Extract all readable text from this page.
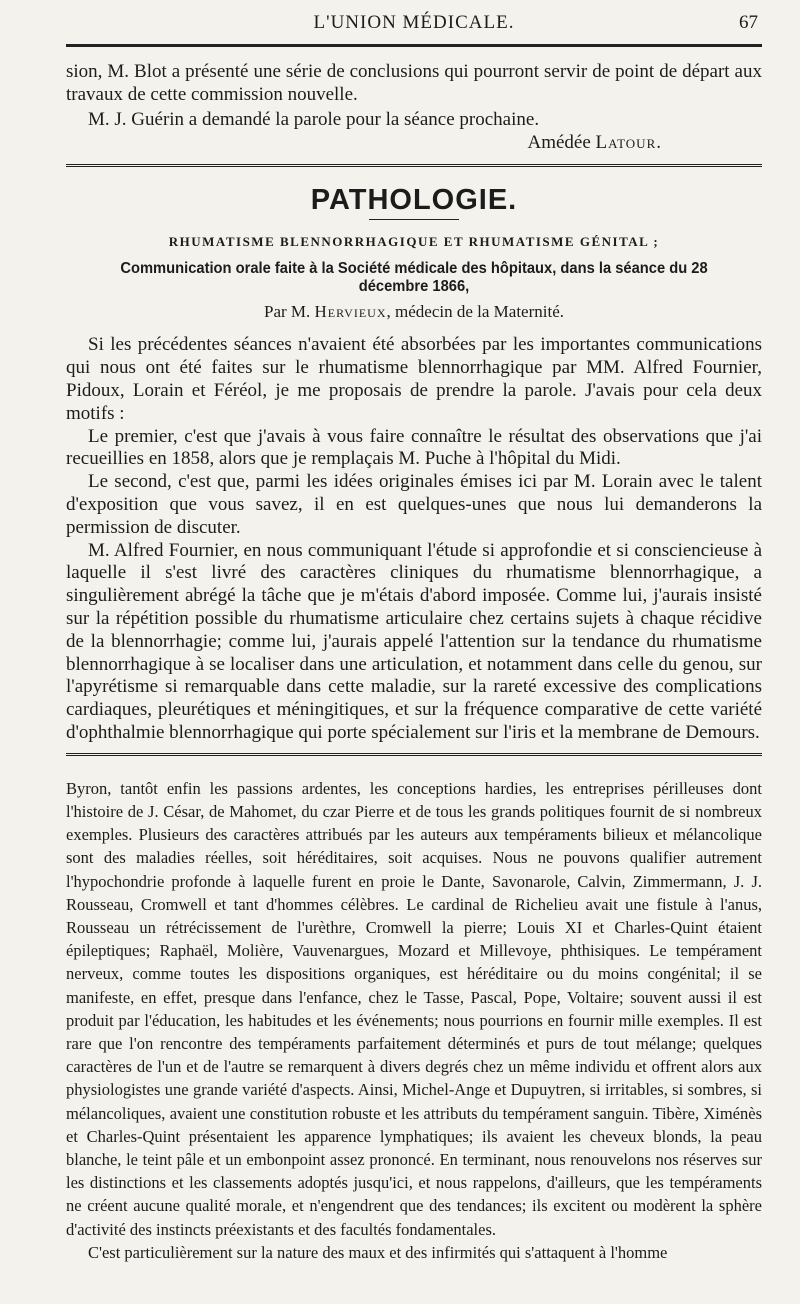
L'UNION MÉDICALE.	67

sion, M. Blot a présenté une série de conclusions qui pourront servir de point de départ aux travaux de cette commission nouvelle.

M. J. Guérin a demandé la parole pour la séance prochaine.

Amédée Latour.
PATHOLOGIE.
RHUMATISME BLENNORRHAGIQUE ET RHUMATISME GÉNITAL ;
Communication orale faite à la Société médicale des hôpitaux, dans la séance du 28 décembre 1866,
Par M. Hervieux, médecin de la Maternité.

Si les précédentes séances n'avaient été absorbées par les importantes communications qui nous ont été faites sur le rhumatisme blennorrhagique par MM. Alfred Fournier, Pidoux, Lorain et Féréol, je me proposais de prendre la parole. J'avais pour cela deux motifs :

Le premier, c'est que j'avais à vous faire connaître le résultat des observations que j'ai recueillies en 1858, alors que je remplaçais M. Puche à l'hôpital du Midi.

Le second, c'est que, parmi les idées originales émises ici par M. Lorain avec le talent d'exposition que vous savez, il en est quelques-unes que nous lui demanderons la permission de discuter.

M. Alfred Fournier, en nous communiquant l'étude si approfondie et si consciencieuse à laquelle il s'est livré des caractères cliniques du rhumatisme blennorrhagique, a singulièrement abrégé la tâche que je m'étais d'abord imposée. Comme lui, j'aurais insisté sur la répétition possible du rhumatisme articulaire chez certains sujets à chaque récidive de la blennorrhagie; comme lui, j'aurais appelé l'attention sur la tendance du rhumatisme blennorrhagique à se localiser dans une articulation, et notamment dans celle du genou, sur l'apyrétisme si remarquable dans cette maladie, sur la rareté excessive des complications cardiaques, pleurétiques et méningitiques, et sur la fréquence comparative de cette variété d'ophthalmie blennorrhagique qui porte spécialement sur l'iris et la membrane de Demours.

Byron, tantôt enfin les passions ardentes, les conceptions hardies, les entreprises périlleuses dont l'histoire de J. César, de Mahomet, du czar Pierre et de tous les grands politiques fournit de si nombreux exemples. Plusieurs des caractères attribués par les auteurs aux tempéraments bilieux et mélancolique sont des maladies réelles, soit héréditaires, soit acquises. Nous ne pouvons qualifier autrement l'hypochondrie profonde à laquelle furent en proie le Dante, Savonarole, Calvin, Zimmermann, J. J. Rousseau, Cromwell et tant d'hommes célèbres. Le cardinal de Richelieu avait une fistule à l'anus, Rousseau un rétrécissement de l'urèthre, Cromwell la pierre; Louis XI et Charles-Quint étaient épileptiques; Raphaël, Molière, Vauvenargues, Mozard et Millevoye, phthisiques. Le tempérament nerveux, comme toutes les dispositions organiques, est héréditaire ou du moins congénital; il se manifeste, en effet, presque dans l'enfance, chez le Tasse, Pascal, Pope, Voltaire; souvent aussi il est produit par l'éducation, les habitudes et les événements; nous pourrions en fournir mille exemples. Il est rare que l'on rencontre des tempéraments parfaitement déterminés et purs de tout mélange; quelques caractères de l'un et de l'autre se remarquent à divers degrés chez un même individu et offrent alors aux physiologistes une grande variété d'aspects. Ainsi, Michel-Ange et Dupuytren, si irritables, si sombres, si mélancoliques, avaient une constitution robuste et les attributs du tempérament sanguin. Tibère, Ximénès et Charles-Quint présentaient les apparence lymphatiques; ils avaient les cheveux blonds, la peau blanche, le teint pâle et un embonpoint assez prononcé. En terminant, nous renouvelons nos réserves sur les distinctions et les classements adoptés jusqu'ici, et nous rappelons, d'ailleurs, que les tempéraments ne créent aucune qualité morale, et n'engendrent que des tendances; ils excitent ou modèrent la sphère d'activité des instincts préexistants et des facultés fondamentales.

C'est particulièrement sur la nature des maux et des infirmités qui s'attaquent à l'homme
